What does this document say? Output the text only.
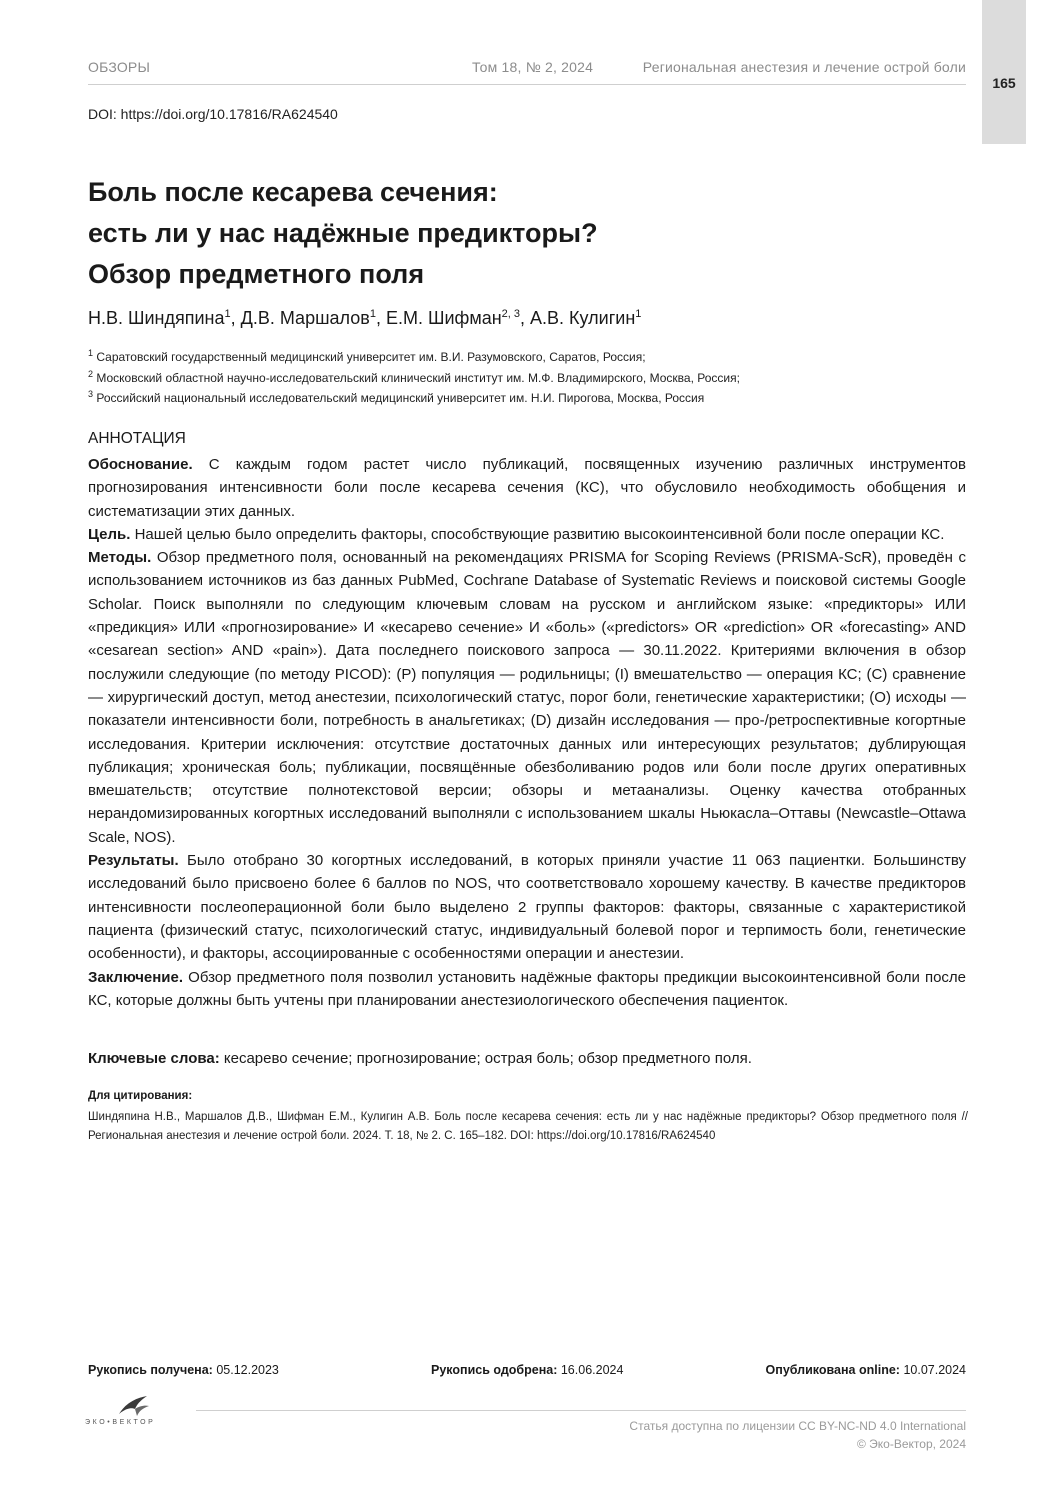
ОБЗОРЫ	Том 18, № 2, 2024	Региональная анестезия и лечение острой боли
165
DOI: https://doi.org/10.17816/RA624540
Боль после кесарева сечения:
есть ли у нас надёжные предикторы?
Обзор предметного поля
Н.В. Шиндяпина$^1$, Д.В. Маршалов$^1$, Е.М. Шифман$^{2, 3}$, А.В. Кулигин$^1$
$^1$ Саратовский государственный медицинский университет им. В.И. Разумовского, Саратов, Россия;
$^2$ Московский областной научно-исследовательский клинический институт им. М.Ф. Владимирского, Москва, Россия;
$^3$ Российский национальный исследовательский медицинский университет им. Н.И. Пирогова, Москва, Россия
АННОТАЦИЯ

Обоснование. С каждым годом растет число публикаций, посвященных изучению различных инструментов прогнозирования интенсивности боли после кесарева сечения (КС), что обусловило необходимость обобщения и систематизации этих данных.

Цель. Нашей целью было определить факторы, способствующие развитию высокоинтенсивной боли после операции КС.

Методы. Обзор предметного поля, основанный на рекомендациях PRISMA for Scoping Reviews (PRISMA-ScR), проведён с использованием источников из баз данных PubMed, Cochrane Database of Systematic Reviews и поисковой системы Google Scholar. Поиск выполняли по следующим ключевым словам на русском и английском языке: «предикторы» ИЛИ «предикция» ИЛИ «прогнозирование» И «кесарево сечение» И «боль» («predictors» OR «prediction» OR «forecasting» AND «cesarean section» AND «pain»). Дата последнего поискового запроса — 30.11.2022. Критериями включения в обзор послужили следующие (по методу PICOD): (P) популяция — родильницы; (I) вмешательство — операция КС; (C) сравнение — хирургический доступ, метод анестезии, психологический статус, порог боли, генетические характеристики; (O) исходы — показатели интенсивности боли, потребность в анальгетиках; (D) дизайн исследования — про-/ретроспективные когортные исследования. Критерии исключения: отсутствие достаточных данных или интересующих результатов; дублирующая публикация; хроническая боль; публикации, посвящённые обезболиванию родов или боли после других оперативных вмешательств; отсутствие полнотекстовой версии; обзоры и метаанализы. Оценку качества отобранных нерандомизированных когортных исследований выполняли с использованием шкалы Ньюкасла–Оттавы (Newcastle–Ottawa Scale, NOS).

Результаты. Было отобрано 30 когортных исследований, в которых приняли участие 11 063 пациентки. Большинству исследований было присвоено более 6 баллов по NOS, что соответствовало хорошему качеству. В качестве предикторов интенсивности послеоперационной боли было выделено 2 группы факторов: факторы, связанные с характеристикой пациента (физический статус, психологический статус, индивидуальный болевой порог и терпимость боли, генетические особенности), и факторы, ассоциированные с особенностями операции и анестезии.

Заключение. Обзор предметного поля позволил установить надёжные факторы предикции высокоинтенсивной боли после КС, которые должны быть учтены при планировании анестезиологического обеспечения пациенток.

Ключевые слова: кесарево сечение; прогнозирование; острая боль; обзор предметного поля.
Для цитирования:
Шиндяпина Н.В., Маршалов Д.В., Шифман Е.М., Кулигин А.В. Боль после кесарева сечения: есть ли у нас надёжные предикторы? Обзор предметного поля // Региональная анестезия и лечение острой боли. 2024. Т. 18, № 2. С. 165–182. DOI: https://doi.org/10.17816/RA624540
Рукопись получена: 05.12.2023	Рукопись одобрена: 16.06.2024	Опубликована online: 10.07.2024
ЭКО•ВЕКТОР	Статья доступна по лицензии CC BY-NC-ND 4.0 International
© Эко-Вектор, 2024
